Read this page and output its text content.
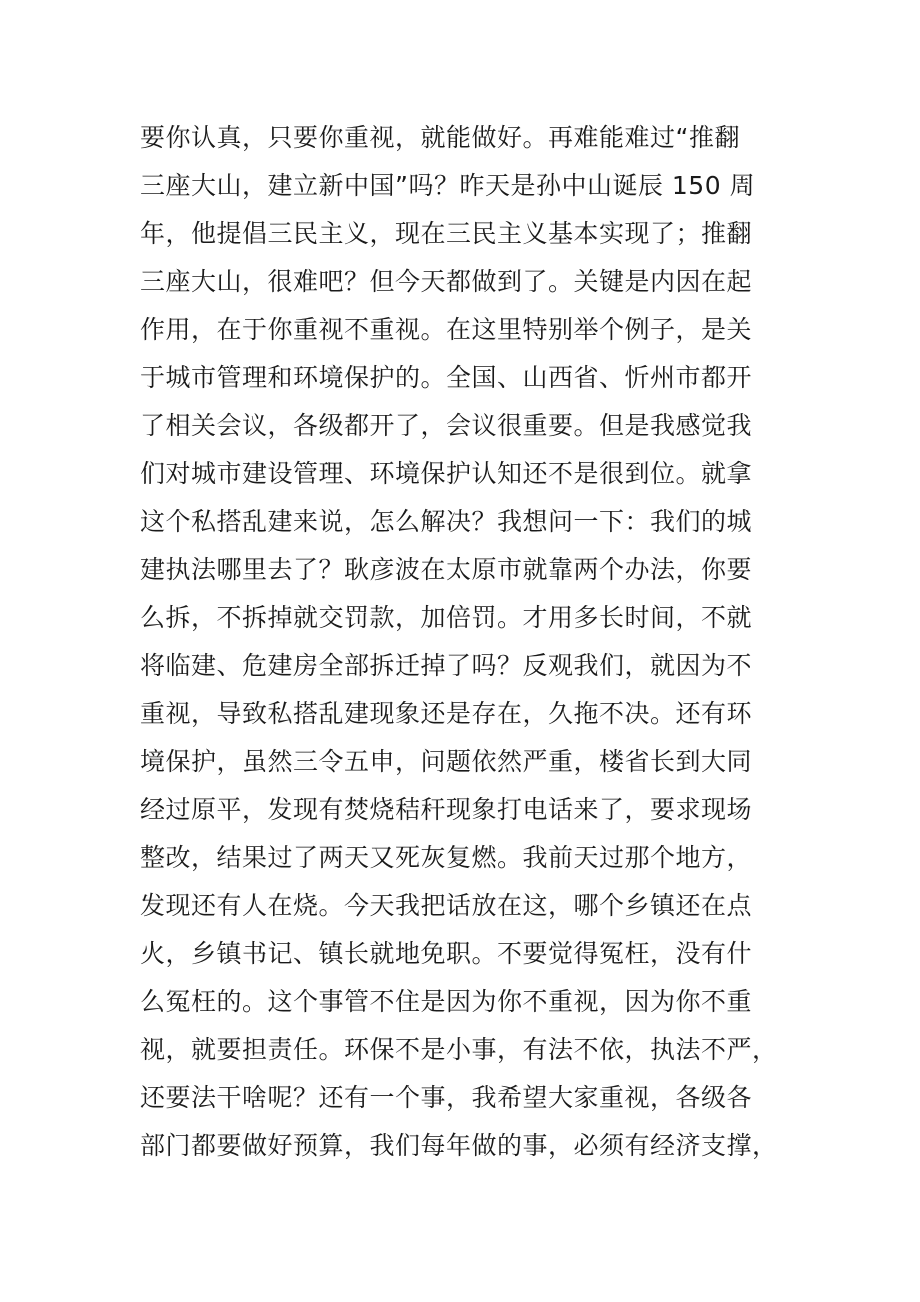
要你认真，只要你重视，就能做好。再难能难过“推翻
三座大山，建立新中国”吗？昨天是孙中山诞辰 150 周
年，他提倡三民主义，现在三民主义基本实现了；推翻
三座大山，很难吧？但今天都做到了。关键是内因在起
作用，在于你重视不重视。在这里特别举个例子，是关
于城市管理和环境保护的。全国、山西省、忻州市都开
了相关会议，各级都开了，会议很重要。但是我感觉我
们对城市建设管理、环境保护认知还不是很到位。就拿
这个私搭乱建来说，怎么解决？我想问一下：我们的城
建执法哪里去了？耿彦波在太原市就靠两个办法，你要
么拆，不拆掉就交罚款，加倍罚。才用多长时间，不就
将临建、危建房全部拆迁掉了吗？反观我们，就因为不
重视，导致私搭乱建现象还是存在，久拖不决。还有环
境保护，虽然三令五申，问题依然严重，楼省长到大同
经过原平，发现有焚烧秸秆现象打电话来了，要求现场
整改，结果过了两天又死灰复燃。我前天过那个地方，
发现还有人在烧。今天我把话放在这，哪个乡镇还在点
火，乡镇书记、镇长就地免职。不要觉得冤枉，没有什
么冤枉的。这个事管不住是因为你不重视，因为你不重
视，就要担责任。环保不是小事，有法不依，执法不严，
还要法干啥呢？还有一个事，我希望大家重视，各级各
部门都要做好预算，我们每年做的事，必须有经济支撑，
